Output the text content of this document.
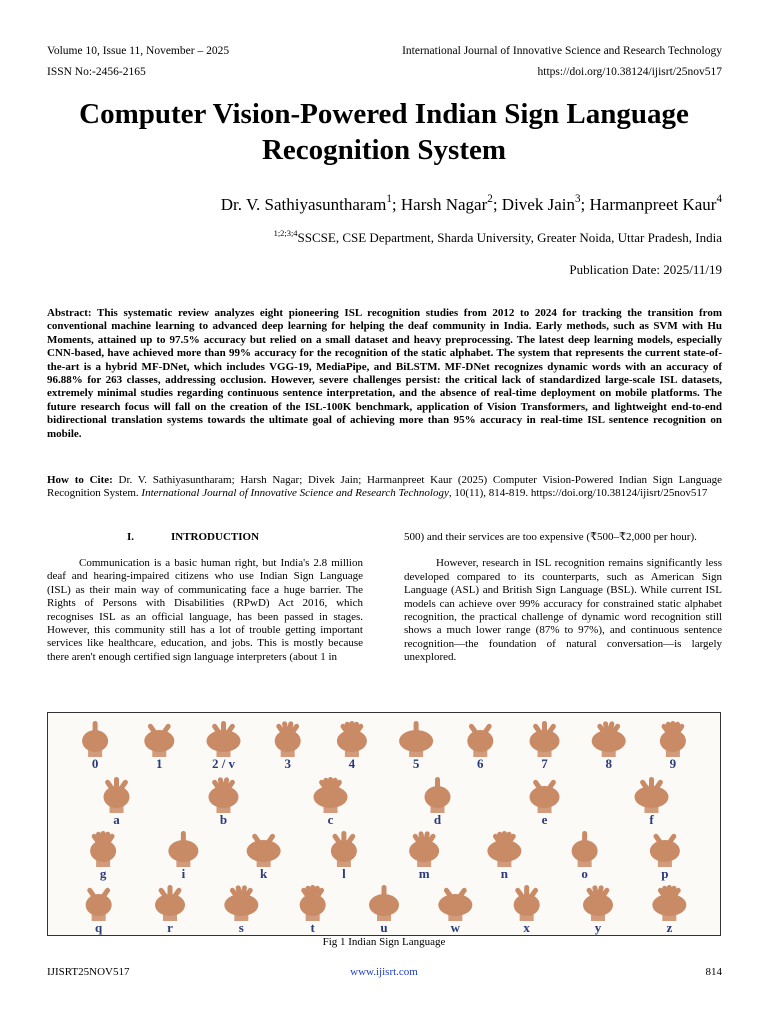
Volume 10, Issue 11, November – 2025	International Journal of Innovative Science and Research Technology
ISSN No:-2456-2165	https://doi.org/10.38124/ijisrt/25nov517
Computer Vision-Powered Indian Sign Language Recognition System
Dr. V. Sathiyasuntharam$^1$; Harsh Nagar$^2$; Divek Jain$^3$; Harmanpreet Kaur$^4$
$^{1;2;3;4}$SSCSE, CSE Department, Sharda University, Greater Noida, Uttar Pradesh, India
Publication Date: 2025/11/19
Abstract: This systematic review analyzes eight pioneering ISL recognition studies from 2012 to 2024 for tracking the transition from conventional machine learning to advanced deep learning for helping the deaf community in India. Early methods, such as SVM with Hu Moments, attained up to 97.5% accuracy but relied on a small dataset and heavy preprocessing. The latest deep learning models, especially CNN-based, have achieved more than 99% accuracy for the recognition of the static alphabet. The system that represents the current state-of-the-art is a hybrid MF-DNet, which includes VGG-19, MediaPipe, and BiLSTM. MF-DNet recognizes dynamic words with an accuracy of 96.88% for 263 classes, addressing occlusion. However, severe challenges persist: the critical lack of standardized large-scale ISL datasets, extremely minimal studies regarding continuous sentence interpretation, and the absence of real-time deployment on mobile platforms. The future research focus will fall on the creation of the ISL-100K benchmark, application of Vision Transformers, and lightweight end-to-end bidirectional translation systems towards the ultimate goal of achieving more than 95% accuracy in real-time ISL sentence recognition on mobile.
How to Cite: Dr. V. Sathiyasuntharam; Harsh Nagar; Divek Jain; Harmanpreet Kaur (2025) Computer Vision-Powered Indian Sign Language Recognition System. International Journal of Innovative Science and Research Technology, 10(11), 814-819. https://doi.org/10.38124/ijisrt/25nov517
I.	INTRODUCTION

Communication is a basic human right, but India's 2.8 million deaf and hearing-impaired citizens who use Indian Sign Language (ISL) as their main way of communicating face a huge barrier. The Rights of Persons with Disabilities (RPwD) Act 2016, which recognises ISL as an official language, has been passed in stages. However, this community still has a lot of trouble getting important services like healthcare, education, and jobs. This is mostly because there aren't enough certified sign language interpreters (about 1 in

500) and their services are too expensive (₹500–₹2,000 per hour).

However, research in ISL recognition remains significantly less developed compared to its counterparts, such as American Sign Language (ASL) and British Sign Language (BSL). While current ISL models can achieve over 99% accuracy for constrained static alphabet recognition, the practical challenge of dynamic word recognition still shows a much lower range (87% to 97%), and continuous sentence recognition—the foundation of natural conversation—is largely unexplored.

0	1	2 / v	3	4	5	6	7	8	9
a	b	c	d	e	f
g	i	k	l	m	n	o	p
q	r	s	t	u	w	x	y	z
Fig 1 Indian Sign Language
IJISRT25NOV517	www.ijisrt.com	814
